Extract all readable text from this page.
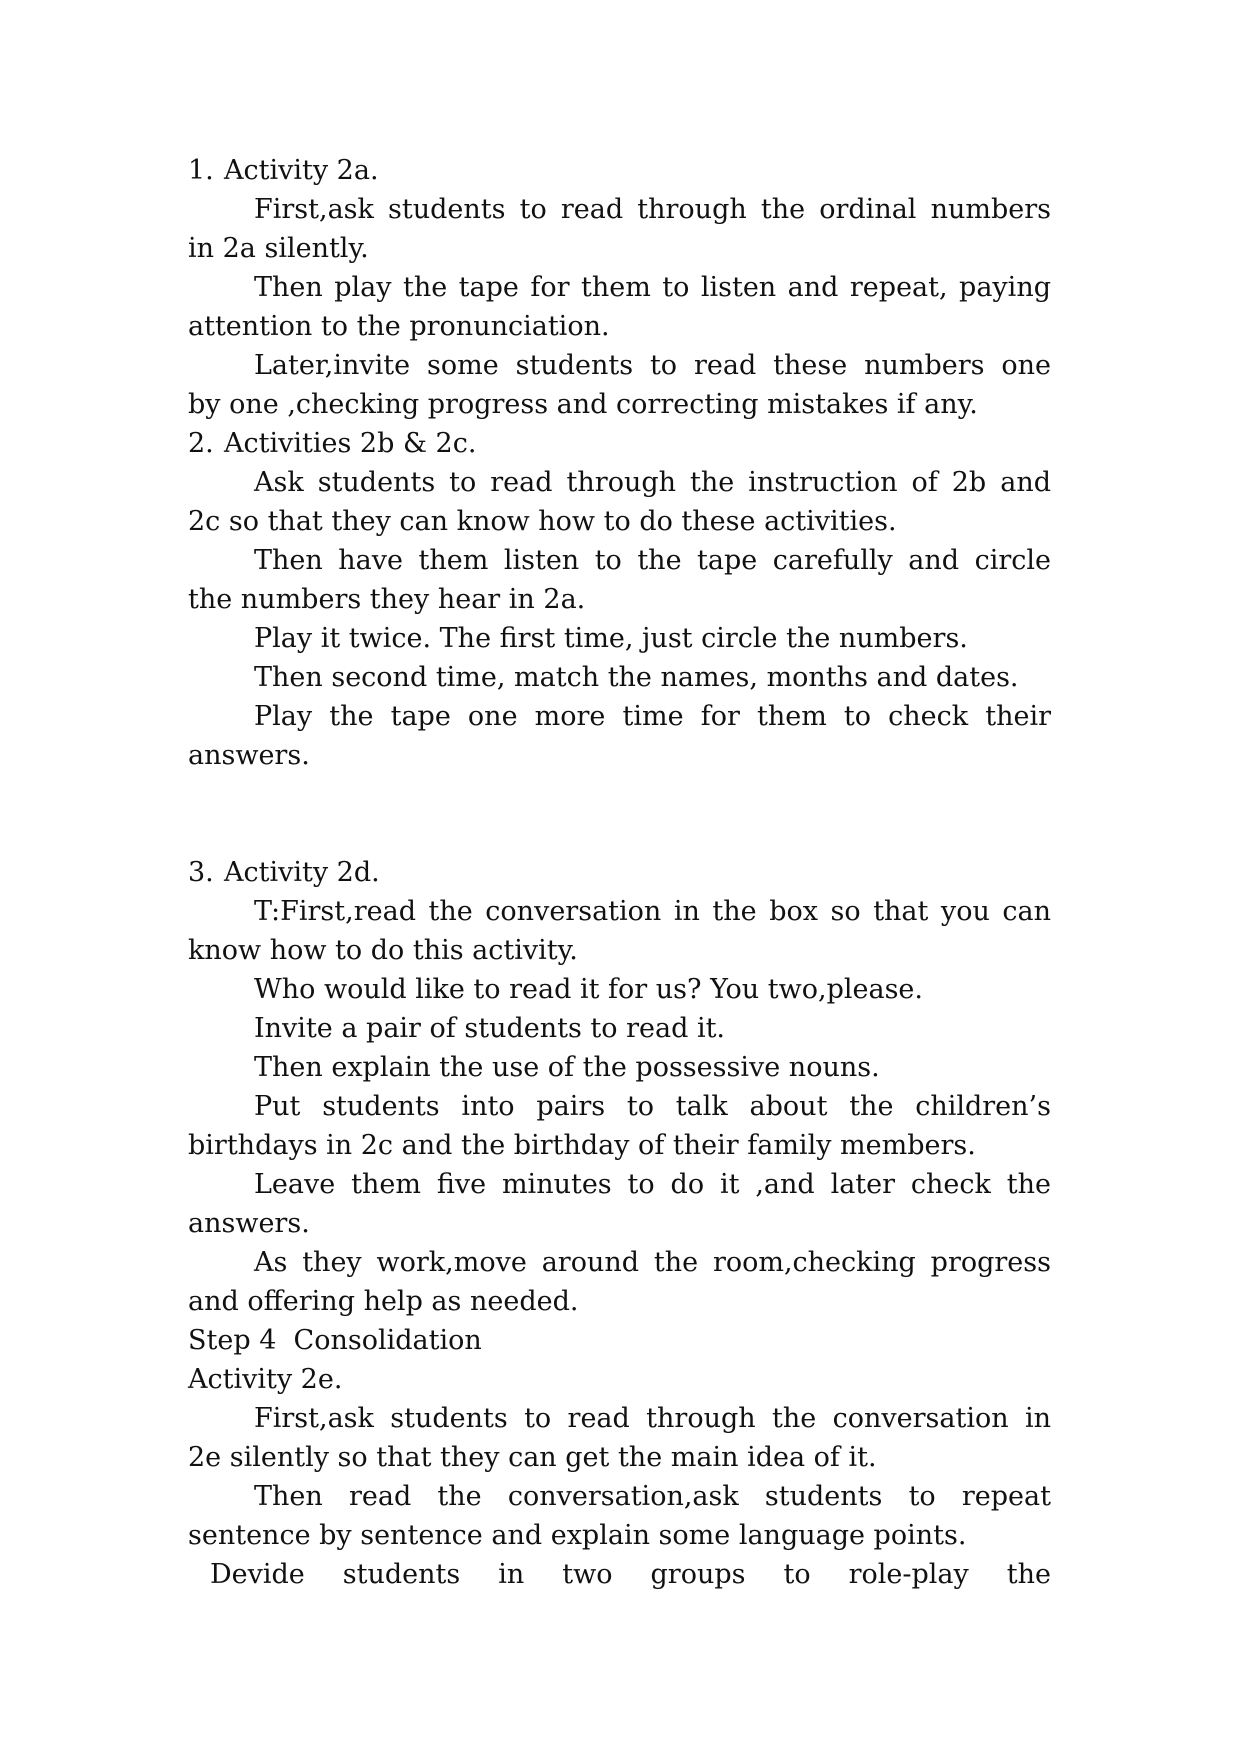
1. Activity 2a.
First,ask students to read through the ordinal numbers
in 2a silently.
Then play the tape for them to listen and repeat, paying
attention to the pronunciation.
Later,invite some students to read these numbers one
by one ,checking progress and correcting mistakes if any.
2. Activities 2b & 2c.
Ask students to read through the instruction of 2b and
2c so that they can know how to do these activities.
Then have them listen to the tape carefully and circle
the numbers they hear in 2a.
Play it twice. The first time, just circle the numbers.
Then second time, match the names, months and dates.
Play the tape one more time for them to check their
answers.
3. Activity 2d.
T:First,read the conversation in the box so that you can
know how to do this activity.
Who would like to read it for us? You two,please.
Invite a pair of students to read it.
Then explain the use of the possessive nouns.
Put students into pairs to talk about the children’s
birthdays in 2c and the birthday of their family members.
Leave them five minutes to do it ,and later check the
answers.
As they work,move around the room,checking progress
and offering help as needed.
Step 4  Consolidation
Activity 2e.
First,ask students to read through the conversation in
2e silently so that they can get the main idea of it.
Then read the conversation,ask students to repeat
sentence by sentence and explain some language points.
Devide students in two groups to role-play the
